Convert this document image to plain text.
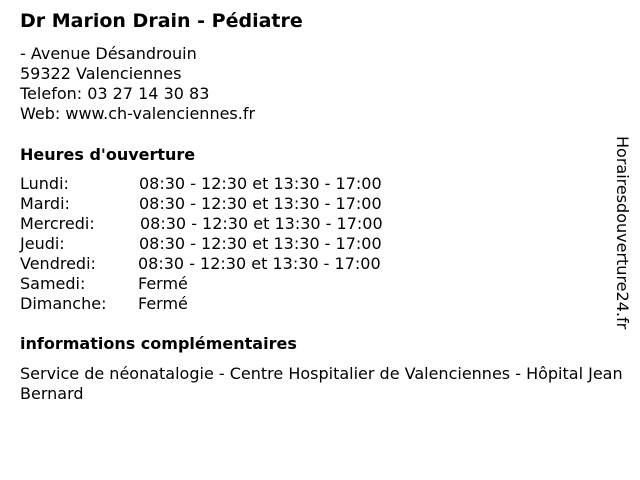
Dr Marion Drain - Pédiatre
- Avenue Désandrouin
59322 Valenciennes
Telefon: 03 27 14 30 83
Web: www.ch-valenciennes.fr
Heures d'ouverture
Lundi:	08:30 - 12:30 et 13:30 - 17:00
Mardi:	08:30 - 12:30 et 13:30 - 17:00
Mercredi:	08:30 - 12:30 et 13:30 - 17:00
Jeudi:	08:30 - 12:30 et 13:30 - 17:00
Vendredi:	08:30 - 12:30 et 13:30 - 17:00
Samedi:	Fermé
Dimanche: Fermé
informations complémentaires
Service de néonatalogie - Centre Hospitalier de Valenciennes - Hôpital Jean Bernard
Horairesdouverture24.fr
